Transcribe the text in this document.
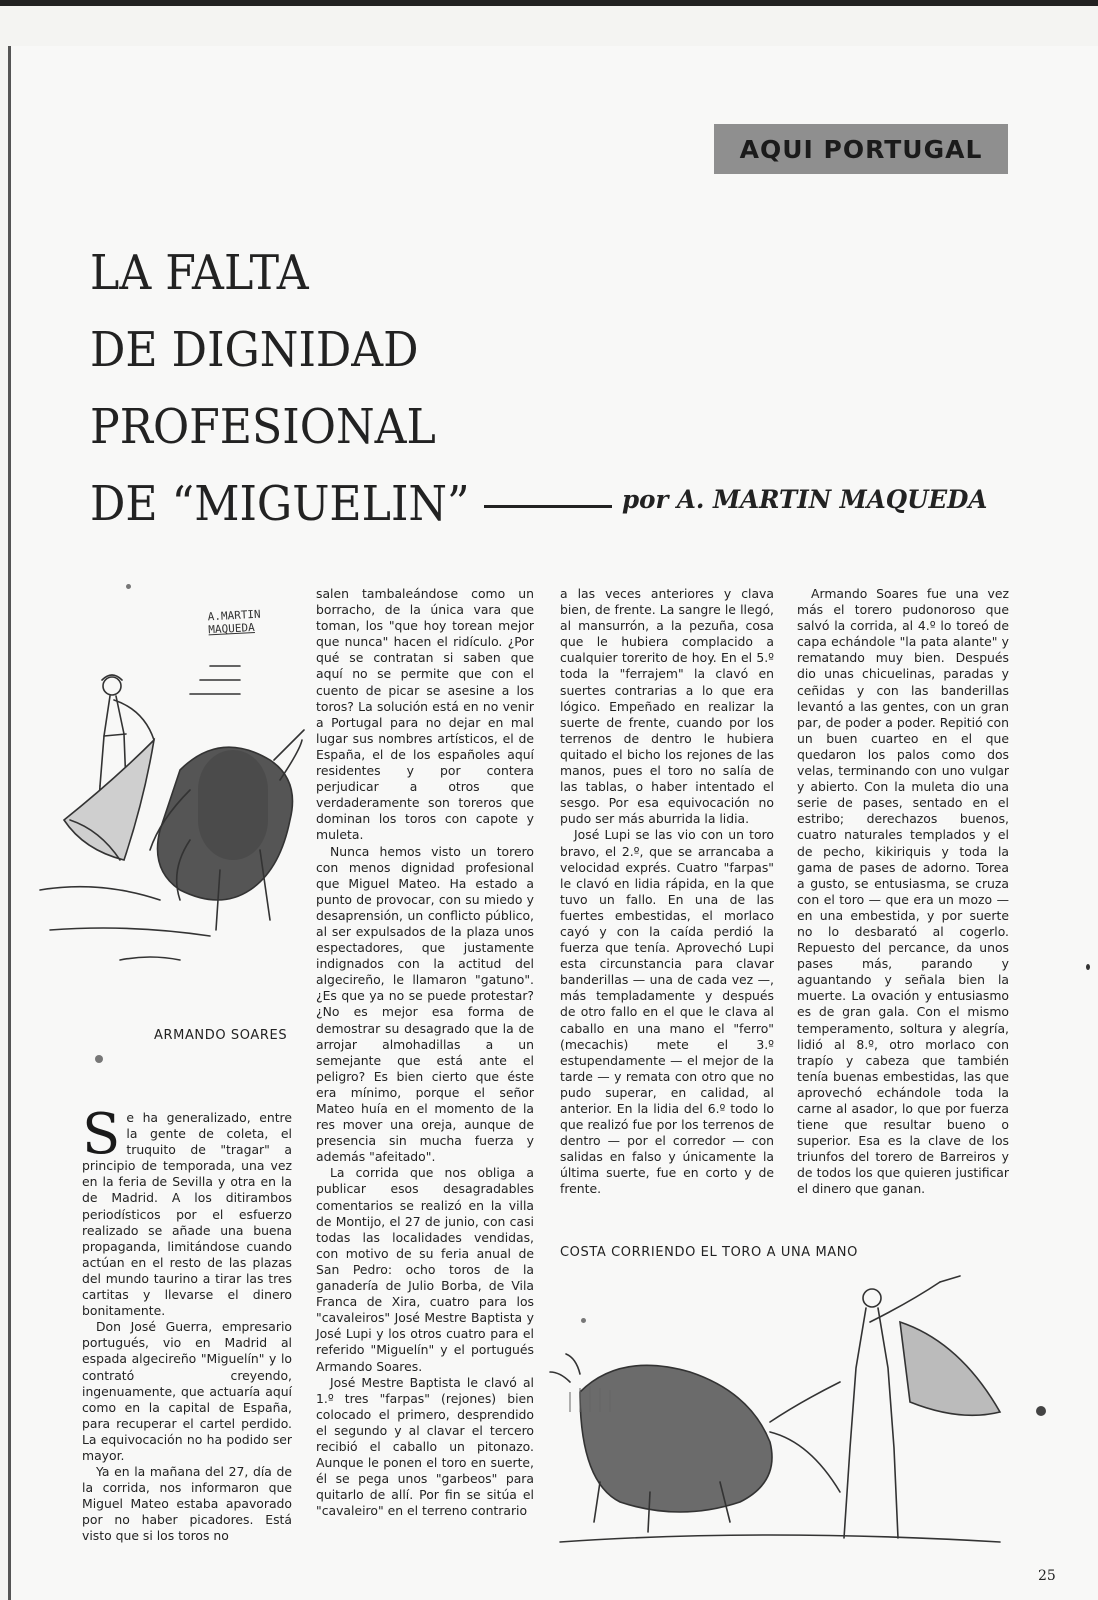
AQUI PORTUGAL
LA FALTA
DE DIGNIDAD
PROFESIONAL
DE “MIGUELIN”	por A. MARTIN MAQUEDA
A.MARTIN
MAQUEDA
ARMANDO SOARES

Se ha generalizado, entre la gente de coleta, el truquito de "tragar" a principio de temporada, una vez en la feria de Sevilla y otra en la de Madrid. A los ditirambos periodísticos por el esfuerzo realizado se añade una buena propaganda, limitándose cuando actúan en el resto de las plazas del mundo taurino a tirar las tres cartitas y llevarse el dinero bonitamente.

Don José Guerra, empresario portugués, vio en Madrid al espada algecireño "Miguelín" y lo contrató creyendo, ingenuamente, que actuaría aquí como en la capital de España, para recuperar el cartel perdido. La equivocación no ha podido ser mayor.

Ya en la mañana del 27, día de la corrida, nos informaron que Miguel Mateo estaba apavorado por no haber picadores. Está visto que si los toros no

salen tambaleándose como un borracho, de la única vara que toman, los "que hoy torean mejor que nunca" hacen el ridículo. ¿Por qué se contratan si saben que aquí no se permite que con el cuento de picar se asesine a los toros? La solución está en no venir a Portugal para no dejar en mal lugar sus nombres artísticos, el de España, el de los españoles aquí residentes y por contera perjudicar a otros que verdaderamente son toreros que dominan los toros con capote y muleta.

Nunca hemos visto un torero con menos dignidad profesional que Miguel Mateo. Ha estado a punto de provocar, con su miedo y desaprensión, un conflicto público, al ser expulsados de la plaza unos espectadores, que justamente indignados con la actitud del algecireño, le llamaron "gatuno". ¿Es que ya no se puede protestar? ¿No es mejor esa forma de demostrar su desagrado que la de arrojar almohadillas a un semejante que está ante el peligro? Es bien cierto que éste era mínimo, porque el señor Mateo huía en el momento de la res mover una oreja, aunque de presencia sin mucha fuerza y además "afeitado".

La corrida que nos obliga a publicar esos desagradables comentarios se realizó en la villa de Montijo, el 27 de junio, con casi todas las localidades vendidas, con motivo de su feria anual de San Pedro: ocho toros de la ganadería de Julio Borba, de Vila Franca de Xira, cuatro para los "cavaleiros" José Mestre Baptista y José Lupi y los otros cuatro para el referido "Miguelín" y el portugués Armando Soares.

José Mestre Baptista le clavó al 1.º tres "farpas" (rejones) bien colocado el primero, desprendido el segundo y al clavar el tercero recibió el caballo un pitonazo. Aunque le ponen el toro en suerte, él se pega unos "garbeos" para quitarlo de allí. Por fin se sitúa el "cavaleiro" en el terreno contrario

a las veces anteriores y clava bien, de frente. La sangre le llegó, al mansurrón, a la pezuña, cosa que le hubiera complacido a cualquier torerito de hoy. En el 5.º toda la "ferrajem" la clavó en suertes contrarias a lo que era lógico. Empeñado en realizar la suerte de frente, cuando por los terrenos de dentro le hubiera quitado el bicho los rejones de las manos, pues el toro no salía de las tablas, o haber intentado el sesgo. Por esa equivocación no pudo ser más aburrida la lidia.

José Lupi se las vio con un toro bravo, el 2.º, que se arrancaba a velocidad exprés. Cuatro "farpas" le clavó en lidia rápida, en la que tuvo un fallo. En una de las fuertes embestidas, el morlaco cayó y con la caída perdió la fuerza que tenía. Aprovechó Lupi esta circunstancia para clavar banderillas — una de cada vez —, más templadamente y después de otro fallo en el que le clava al caballo en una mano el "ferro" (mecachis) mete el 3.º estupendamente — el mejor de la tarde — y remata con otro que no pudo superar, en calidad, al anterior. En la lidia del 6.º todo lo que realizó fue por los terrenos de dentro — por el corredor — con salidas en falso y únicamente la última suerte, fue en corto y de frente.

Armando Soares fue una vez más el torero pudonoroso que salvó la corrida, al 4.º lo toreó de capa echándole "la pata alante" y rematando muy bien. Después dio unas chicuelinas, paradas y ceñidas y con las banderillas levantó a las gentes, con un gran par, de poder a poder. Repitió con un buen cuarteo en el que quedaron los palos como dos velas, terminando con uno vulgar y abierto. Con la muleta dio una serie de pases, sentado en el estribo; derechazos buenos, cuatro naturales templados y el de pecho, kikiriquis y toda la gama de pases de adorno. Torea a gusto, se entusiasma, se cruza con el toro — que era un mozo — en una embestida, y por suerte no lo desbarató al cogerlo. Repuesto del percance, da unos pases más, parando y aguantando y señala bien la muerte. La ovación y entusiasmo es de gran gala. Con el mismo temperamento, soltura y alegría, lidió al 8.º, otro morlaco con trapío y cabeza que también tenía buenas embestidas, las que aprovechó echándole toda la carne al asador, lo que por fuerza tiene que resultar bueno o superior. Esa es la clave de los triunfos del torero de Barreiros y de todos los que quieren justificar el dinero que ganan.

COSTA CORRIENDO EL TORO A UNA MANO
25
